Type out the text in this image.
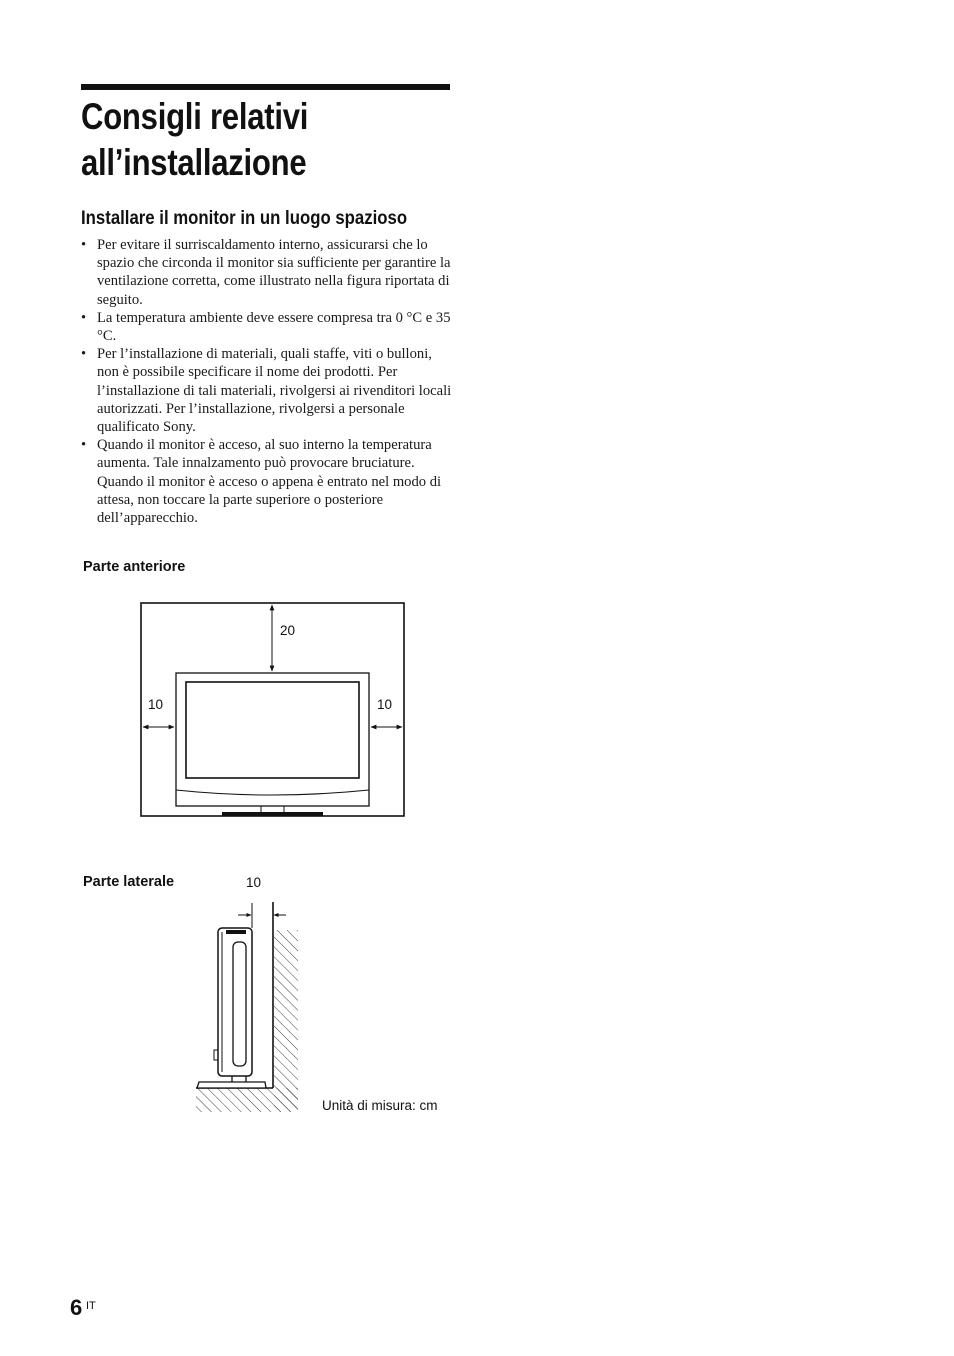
Consigli relativi
all’installazione
Installare il monitor in un luogo spazioso
• Per evitare il surriscaldamento interno, assicurarsi che lo spazio che circonda il monitor sia sufficiente per garantire la ventilazione corretta, come illustrato nella figura riportata di seguito.
• La temperatura ambiente deve essere compresa tra 0 °C e 35 °C.
• Per l’installazione di materiali, quali staffe, viti o bulloni, non è possibile specificare il nome dei prodotti. Per l’installazione di tali materiali, rivolgersi ai rivenditori locali autorizzati. Per l’installazione, rivolgersi a personale qualificato Sony.
• Quando il monitor è acceso, al suo interno la temperatura aumenta. Tale innalzamento può provocare bruciature. Quando il monitor è acceso o appena è entrato nel modo di attesa, non toccare la parte superiore o posteriore dell’apparecchio.

Parte anteriore

20

10	10

Parte laterale	10

Unità di misura: cm

6 IT
